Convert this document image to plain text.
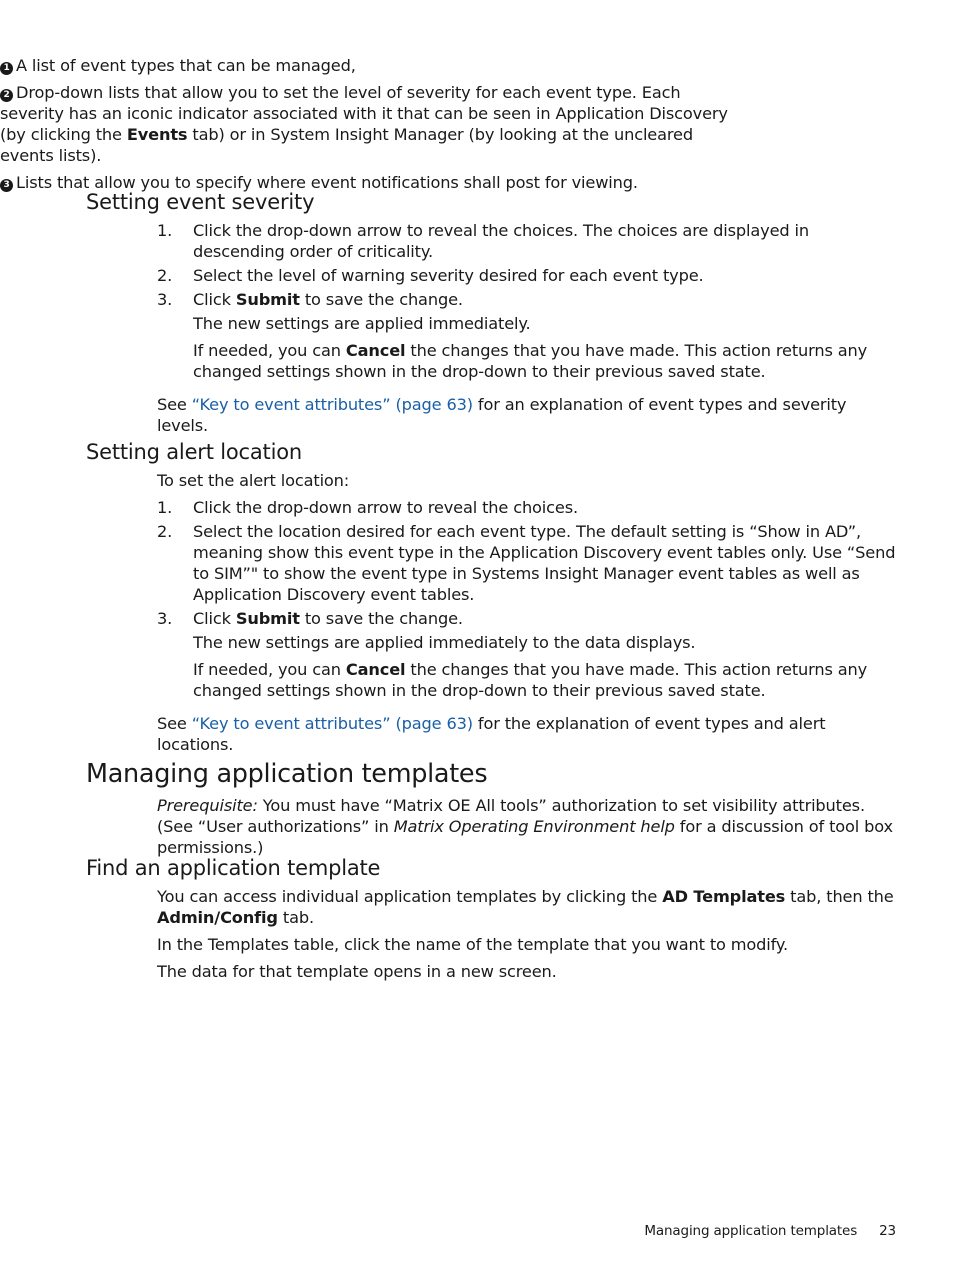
1 A list of event types that can be managed,

2 Drop-down lists that allow you to set the level of severity for each event type. Each severity has an iconic indicator associated with it that can be seen in Application Discovery (by clicking the Events tab) or in System Insight Manager (by looking at the uncleared events lists).

3 Lists that allow you to specify where event notifications shall post for viewing.

Setting event severity
1. Click the drop-down arrow to reveal the choices. The choices are displayed in descending order of criticality.
2. Select the level of warning severity desired for each event type.
3. Click Submit to save the change.

The new settings are applied immediately.

If needed, you can Cancel the changes that you have made. This action returns any changed settings shown in the drop-down to their previous saved state.

See “Key to event attributes” (page 63) for an explanation of event types and severity levels.

Setting alert location

To set the alert location:

1. Click the drop-down arrow to reveal the choices.
2. Select the location desired for each event type. The default setting is “Show in AD”, meaning show this event type in the Application Discovery event tables only. Use “Send to SIM”" to show the event type in Systems Insight Manager event tables as well as Application Discovery event tables.
3. Click Submit to save the change.

The new settings are applied immediately to the data displays.

If needed, you can Cancel the changes that you have made. This action returns any changed settings shown in the drop-down to their previous saved state.

See “Key to event attributes” (page 63) for the explanation of event types and alert locations.

Managing application templates

Prerequisite: You must have “Matrix OE All tools” authorization to set visibility attributes. (See “User authorizations” in Matrix Operating Environment help for a discussion of tool box permissions.)

Find an application template

You can access individual application templates by clicking the AD Templates tab, then the Admin/Config tab.

In the Templates table, click the name of the template that you want to modify.

The data for that template opens in a new screen.

Managing application templates 23
